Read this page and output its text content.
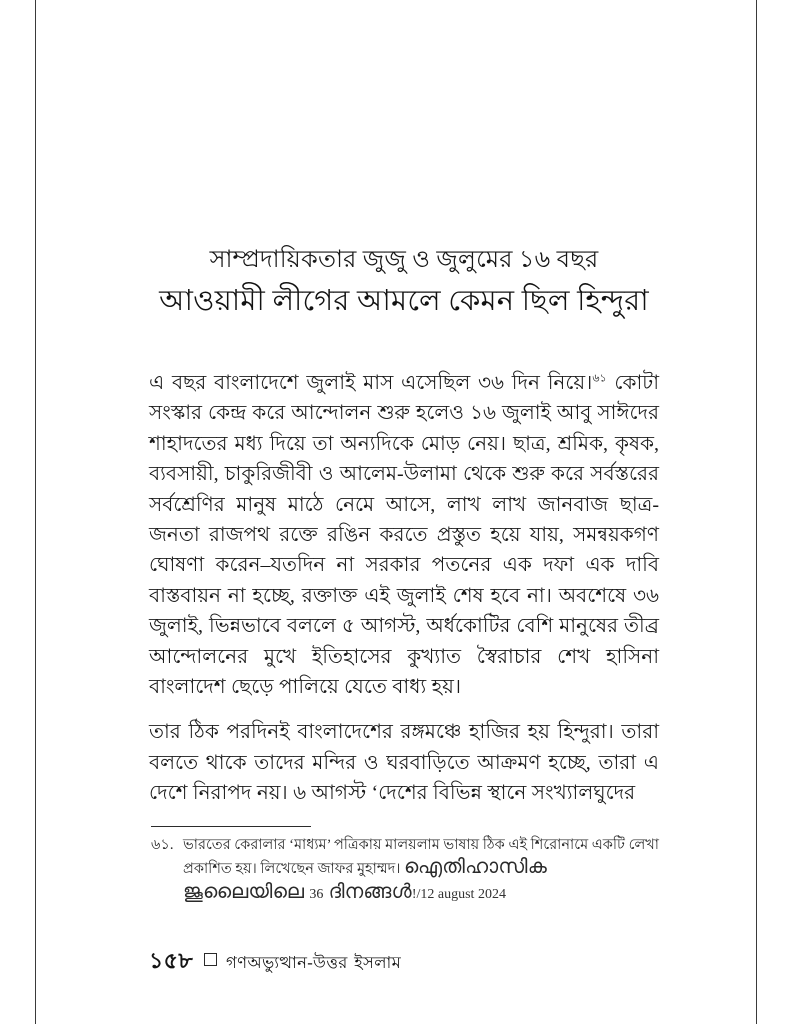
সাম্প্রদায়িকতার জুজু ও জুলুমের ১৬ বছর
আওয়ামী লীগের আমলে কেমন ছিল হিন্দুরা

এ বছর বাংলাদেশে জুলাই মাস এসেছিল ৩৬ দিন নিয়ে।$^{৬১}$ কোটা সংস্কার কেন্দ্র করে আন্দোলন শুরু হলেও ১৬ জুলাই আবু সাঈদের শাহাদতের মধ্য দিয়ে তা অন্যদিকে মোড় নেয়। ছাত্র, শ্রমিক, কৃষক, ব্যবসায়ী, চাকুরিজীবী ও আলেম-উলামা থেকে শুরু করে সর্বস্তরের সর্বশ্রেণির মানুষ মাঠে নেমে আসে, লাখ লাখ জানবাজ ছাত্র-জনতা রাজপথ রক্তে রঙিন করতে প্রস্তুত হয়ে যায়, সমন্বয়কগণ ঘোষণা করেন–যতদিন না সরকার পতনের এক দফা এক দাবি বাস্তবায়ন না হচ্ছে, রক্তাক্ত এই জুলাই শেষ হবে না। অবশেষে ৩৬ জুলাই, ভিন্নভাবে বললে ৫ আগস্ট, অর্ধকোটির বেশি মানুষের তীব্র আন্দোলনের মুখে ইতিহাসের কুখ্যাত স্বৈরাচার শেখ হাসিনা বাংলাদেশ ছেড়ে পালিয়ে যেতে বাধ্য হয়।

তার ঠিক পরদিনই বাংলাদেশের রঙ্গমঞ্চে হাজির হয় হিন্দুরা। তারা বলতে থাকে তাদের মন্দির ও ঘরবাড়িতে আক্রমণ হচ্ছে, তারা এ দেশে নিরাপদ নয়। ৬ আগস্ট ‘দেশের বিভিন্ন স্থানে সংখ্যালঘুদের

৬১. ভারতের কেরালার ‘মাধ্যম’ পত্রিকায় মালয়লাম ভাষায় ঠিক এই শিরোনামে একটি লেখা প্রকাশিত হয়। লিখেছেন জাফর মুহাম্মদ। ഐതിഹാസിക ജൂലൈയിലെ 36 ദിനങ്ങൾ!/12 august 2024
১৫৮ গণঅভ্যুত্থান-উত্তর ইসলাম
